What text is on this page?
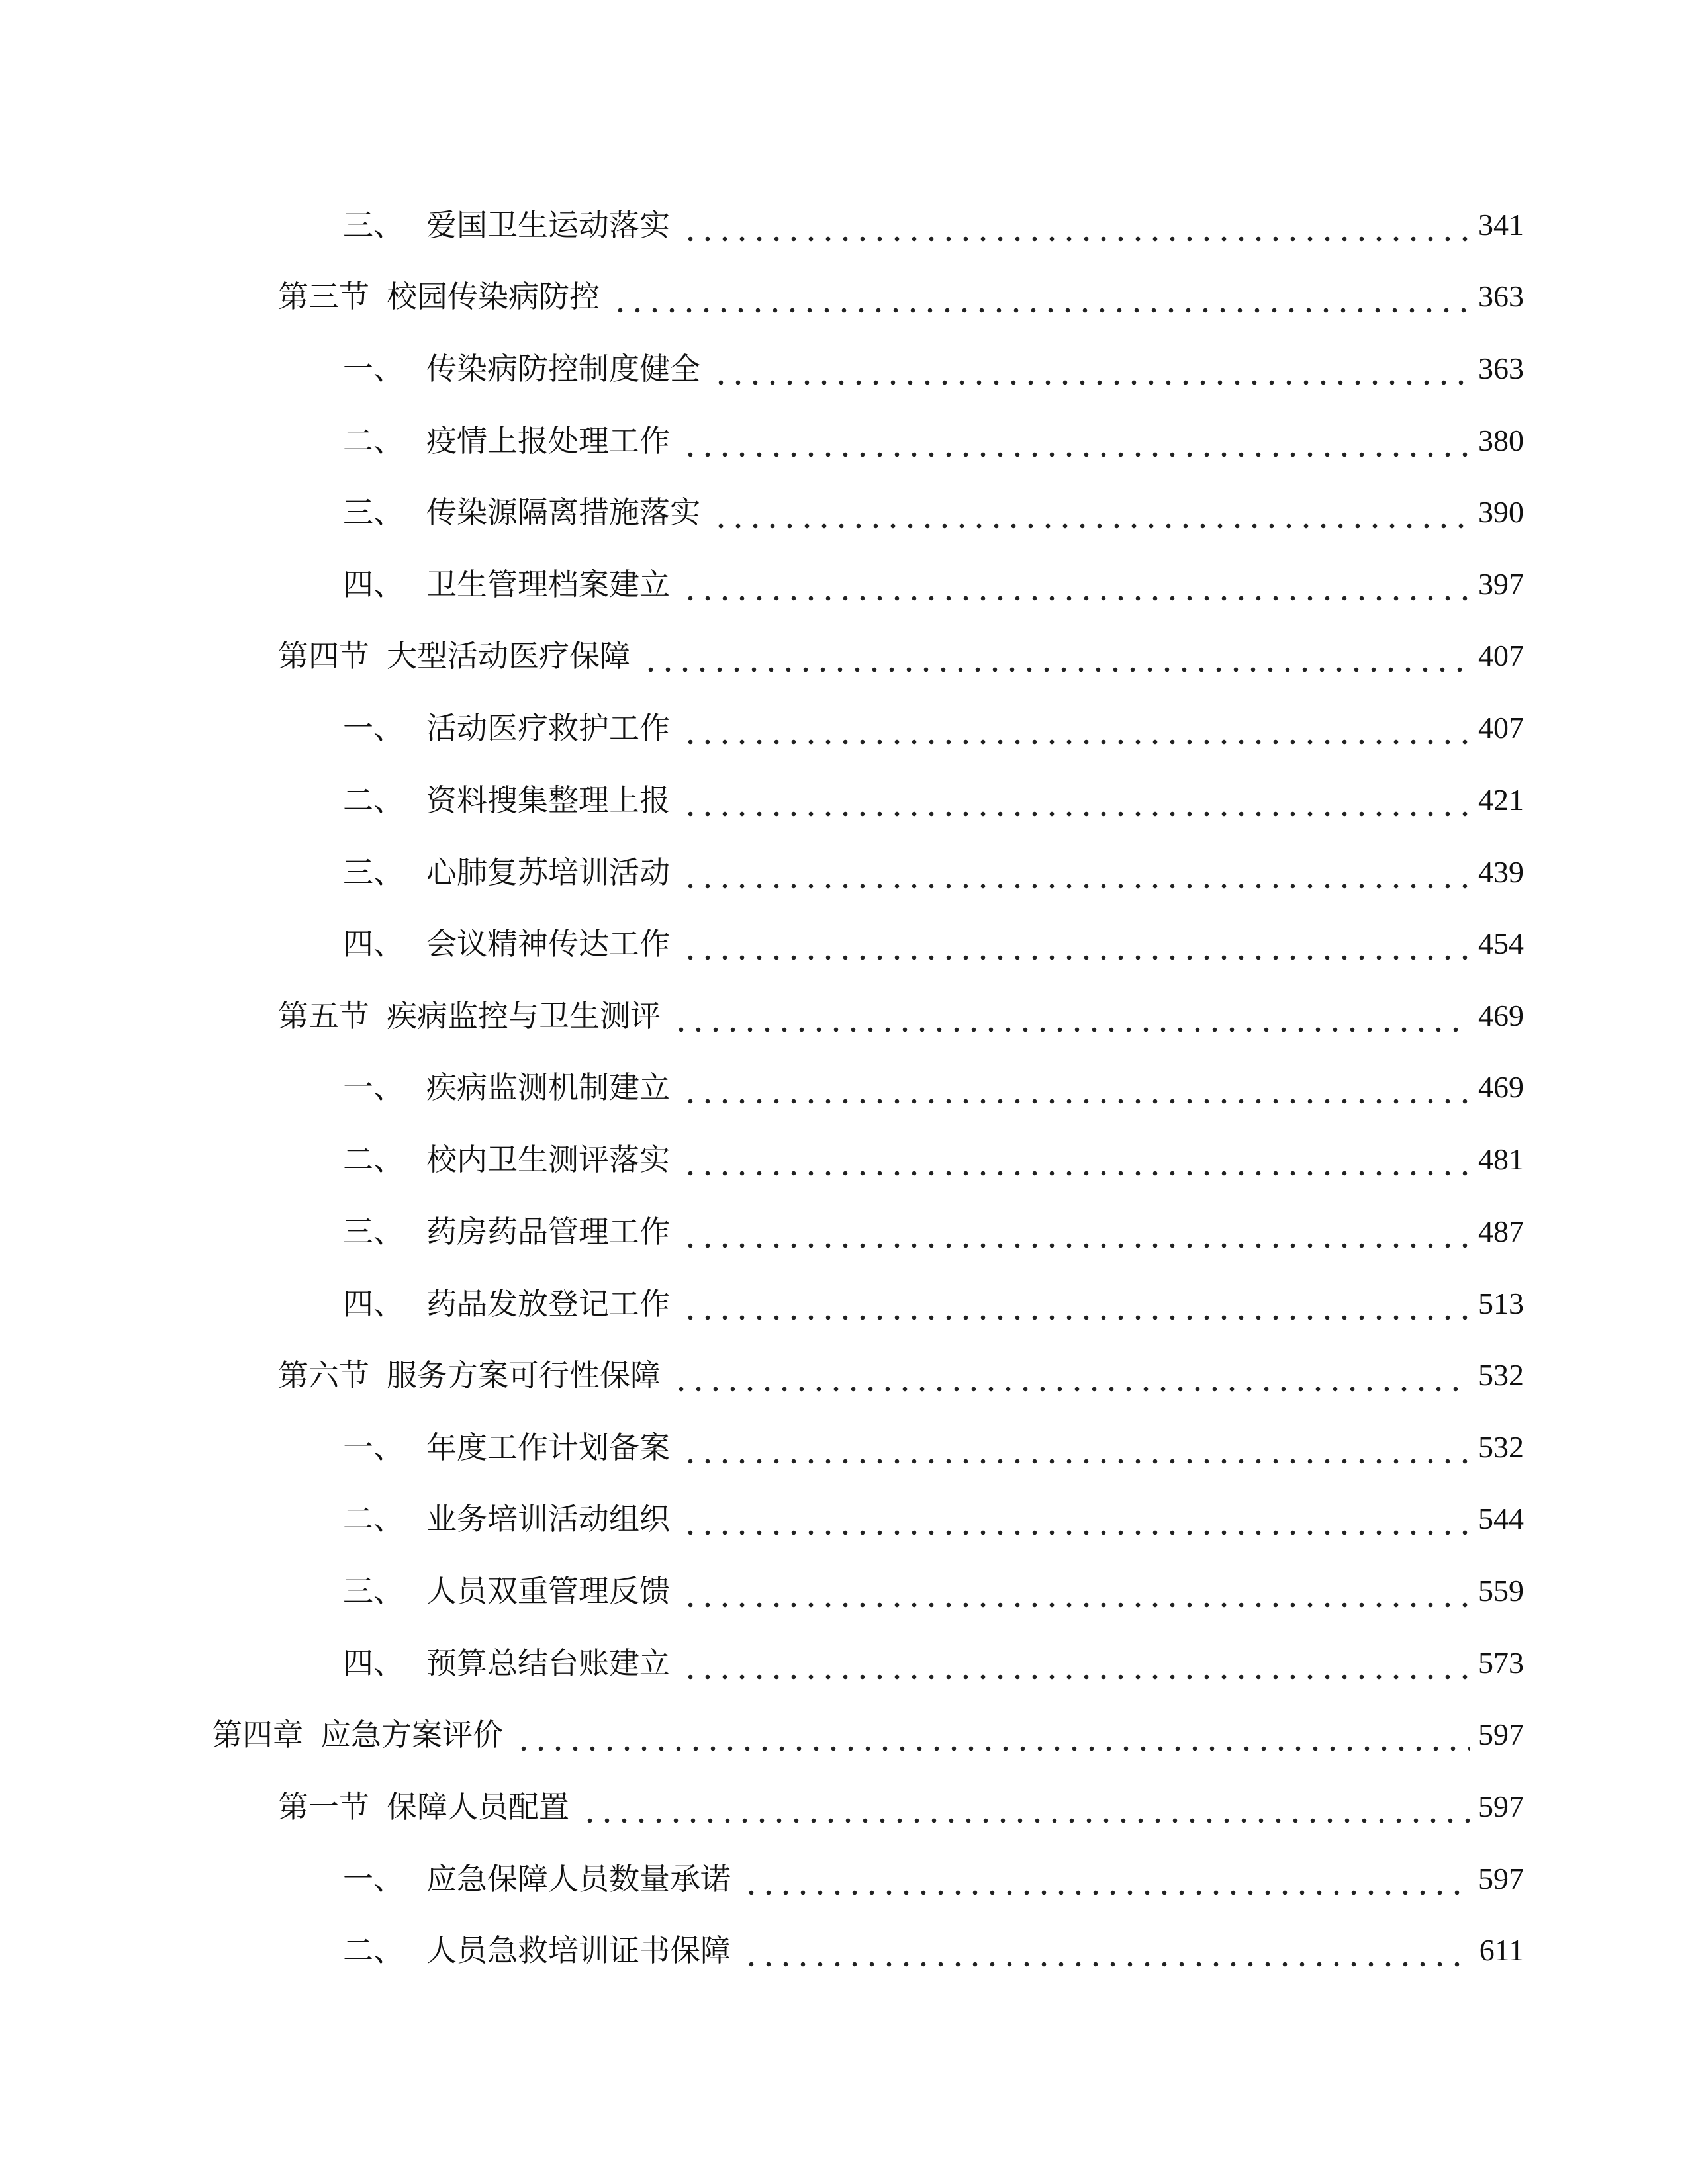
三、 爱国卫生运动落实	341
第三节 校园传染病防控	363
一、 传染病防控制度健全	363
二、 疫情上报处理工作	380
三、 传染源隔离措施落实	390
四、 卫生管理档案建立	397
第四节 大型活动医疗保障	407
一、 活动医疗救护工作	407
二、 资料搜集整理上报	421
三、 心肺复苏培训活动	439
四、 会议精神传达工作	454
第五节 疾病监控与卫生测评	469
一、 疾病监测机制建立	469
二、 校内卫生测评落实	481
三、 药房药品管理工作	487
四、 药品发放登记工作	513
第六节 服务方案可行性保障	532
一、 年度工作计划备案	532
二、 业务培训活动组织	544
三、 人员双重管理反馈	559
四、 预算总结台账建立	573
第四章 应急方案评价	597
第一节 保障人员配置	597
一、 应急保障人员数量承诺	597
二、 人员急救培训证书保障	611
